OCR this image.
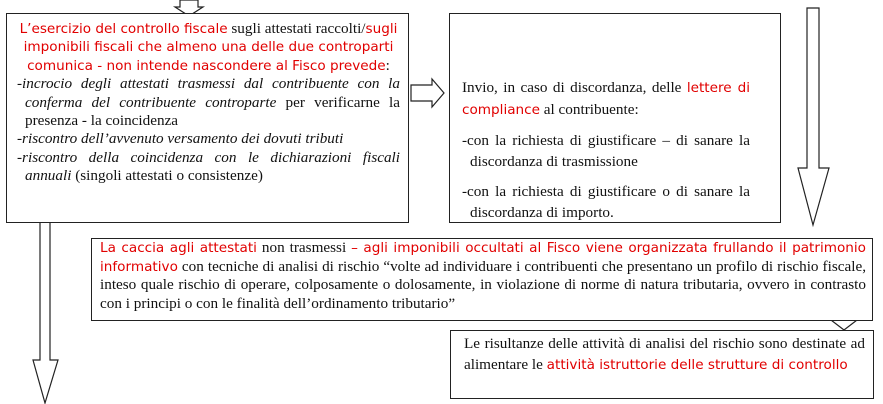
L’esercizio del controllo fiscale sugli attestati raccolti/sugli imponibili fiscali che almeno una delle due controparti comunica - non intende nascondere al Fisco prevede:

-incrocio degli attestati trasmessi dal contribuente con la conferma del contribuente controparte per verificarne la presenza - la coincidenza

-riscontro dell’avvenuto versamento dei dovuti tributi

-riscontro della coincidenza con le dichiarazioni fiscali annuali (singoli attestati o consistenze)

Invio, in caso di discordanza, delle lettere di compliance al contribuente:

-con la richiesta di giustificare – di sanare la discordanza di trasmissione

-con la richiesta di giustificare o di sanare la discordanza di importo.

La caccia agli attestati non trasmessi – agli imponibili occultati al Fisco viene organizzata frullando il patrimonio informativo con tecniche di analisi di rischio “volte ad individuare i contribuenti che presentano un profilo di rischio fiscale, inteso quale rischio di operare, colposamente o dolosamente, in violazione di norme di natura tributaria, ovvero in contrasto con i principi o con le finalità dell’ordinamento tributario”

Le risultanze delle attività di analisi del rischio sono destinate ad alimentare le attività istruttorie delle strutture di controllo
